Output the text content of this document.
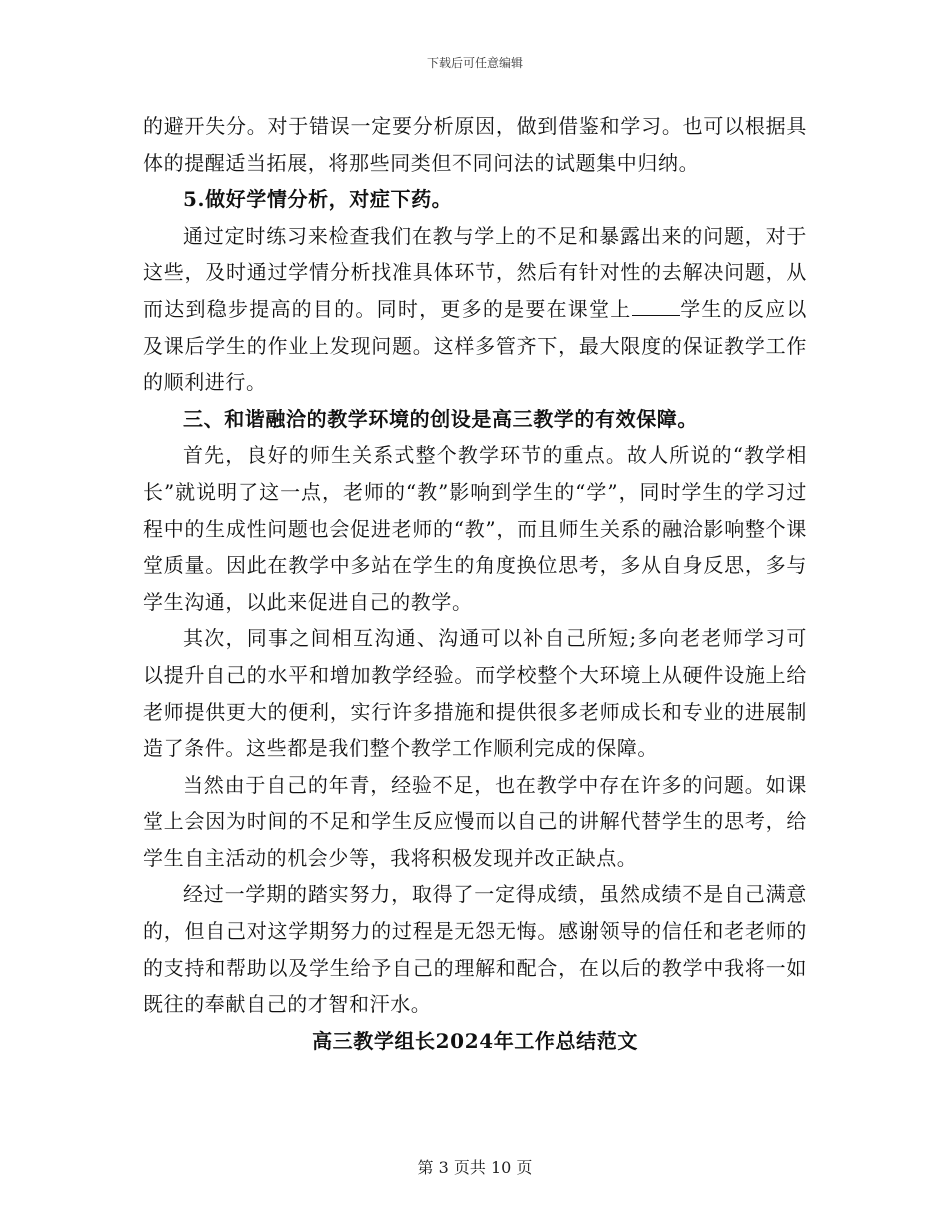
下载后可任意编辑

的避开失分。对于错误一定要分析原因，做到借鉴和学习。也可以根据具体的提醒适当拓展，将那些同类但不同问法的试题集中归纳。

5.做好学情分析，对症下药。

通过定时练习来检查我们在教与学上的不足和暴露出来的问题，对于这些，及时通过学情分析找准具体环节，然后有针对性的去解决问题，从而达到稳步提高的目的。同时，更多的是要在课堂上 学生的反应以及课后学生的作业上发现问题。这样多管齐下，最大限度的保证教学工作的顺利进行。

三、和谐融洽的教学环境的创设是高三教学的有效保障。

首先，良好的师生关系式整个教学环节的重点。故人所说的“教学相长”就说明了这一点，老师的“教”影响到学生的“学”，同时学生的学习过程中的生成性问题也会促进老师的“教”，而且师生关系的融洽影响整个课堂质量。因此在教学中多站在学生的角度换位思考，多从自身反思，多与学生沟通，以此来促进自己的教学。

其次，同事之间相互沟通、沟通可以补自己所短;多向老老师学习可以提升自己的水平和增加教学经验。而学校整个大环境上从硬件设施上给老师提供更大的便利，实行许多措施和提供很多老师成长和专业的进展制造了条件。这些都是我们整个教学工作顺利完成的保障。

当然由于自己的年青，经验不足，也在教学中存在许多的问题。如课堂上会因为时间的不足和学生反应慢而以自己的讲解代替学生的思考，给学生自主活动的机会少等，我将积极发现并改正缺点。

经过一学期的踏实努力，取得了一定得成绩，虽然成绩不是自己满意的，但自己对这学期努力的过程是无怨无悔。感谢领导的信任和老老师的的支持和帮助以及学生给予自己的理解和配合，在以后的教学中我将一如既往的奉献自己的才智和汗水。

高三教学组长2024年工作总结范文

第 3 页共 10 页
